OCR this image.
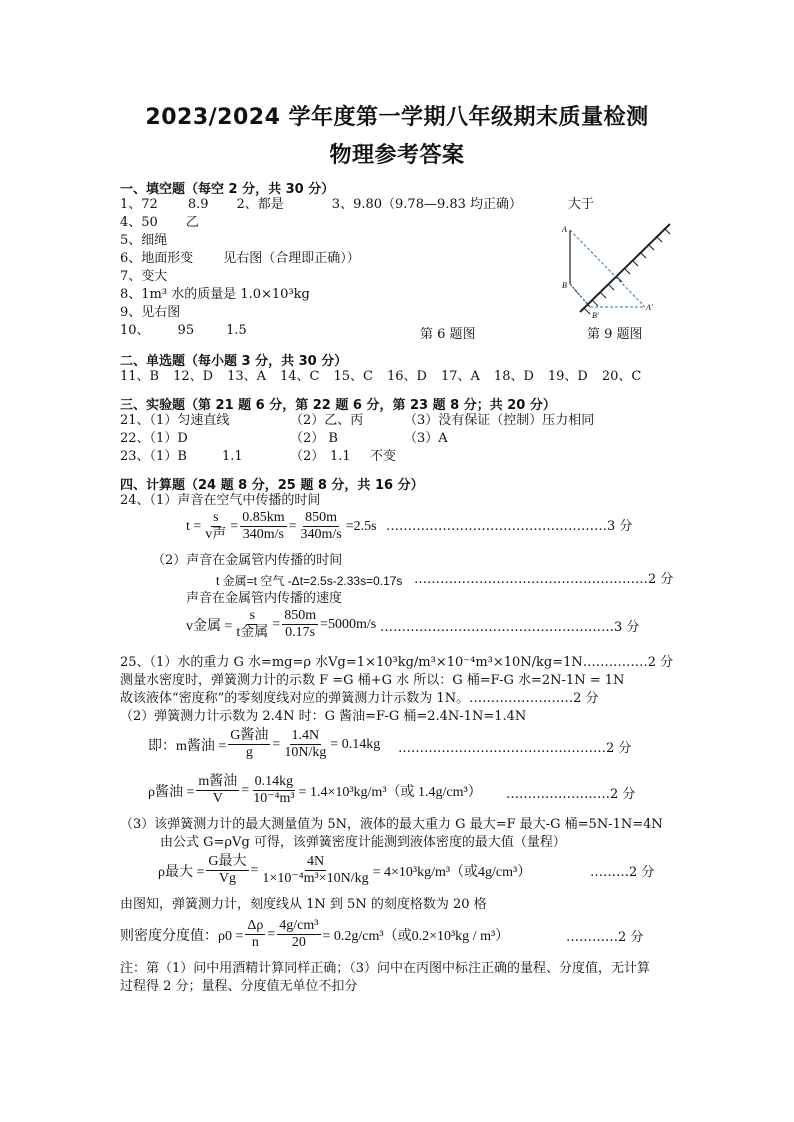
2023/2024 学年度第一学期八年级期末质量检测
物理参考答案
一、填空题（每空 2 分，共 30 分）
1、72 8.9 2、都是	3、9.80（9.78—9.83 均正确）	大于
4、50 乙
5、细绳
6、地面形变 见右图（合理即正确））
7、变大
8、1m³ 水的质量是 1.0×10³kg
9、见右图
10、 95 1.5
A
B
B'
A'
第 6 题图	第 9 题图
二、单选题（每小题 3 分，共 30 分）
11、B 12、D 13、A 14、C 15、C 16、D 17、A 18、D 19、D 20、C
三、实验题（第 21 题 6 分，第 22 题 6 分，第 23 题 8 分；共 20 分）
21、（1）匀速直线	（2）乙、丙	（3）没有保证（控制）压力相同
22、（1）D	（2） B	（3）A
23、（1）B	1.1	（2） 1.1 不变
四、计算题（24 题 8 分，25 题 8 分，共 16 分）
24、（1）声音在空气中传播的时间
$t = \frac{s}{\text{v声}} = \frac{0.85km}{340m/s} = \frac{850m}{340m/s} =2.5s$ ……………………………………………3 分
（2）声音在金属管内传播的时间
t 金属=t 空气 -Δt=2.5s-2.33s=0.17s ………………………………………………2 分
声音在金属管内传播的速度
v金属 = $\frac{s}{\text{t金属}} = \frac{850m}{0.17s} =5000m/s$ ………………………………………………3 分
25、（1）水的重力 G 水=mg=ρ 水Vg=1×10³kg/m³×10⁻⁴m³×10N/kg=1N……………2 分
测量水密度时，弹簧测力计的示数 F =G 桶+G 水 所以：G 桶=F-G 水=2N-1N = 1N
故该液体“密度称”的零刻度线对应的弹簧测力计示数为 1N。……………………2 分
（2）弹簧测力计示数为 2.4N 时：G 酱油=F-G 桶=2.4N-1N=1.4N
即：m酱油 = $\frac{\text{G酱油}}{g} = \frac{1.4N}{10N/kg} = 0.14kg$ …………………………………………2 分
ρ酱油 = $\frac{\text{m酱油}}{V} = \frac{0.14kg}{\text{10⁻⁴m³}} = 1.4\times 10^3kg/m^3$（或 1.4g/cm³） ……………………2 分
（3）该弹簧测力计的最大测量值为 5N，液体的最大重力 G 最大=F 最大-G 桶=5N-1N=4N
由公式 G=ρVg 可得，该弹簧密度计能测到液体密度的最大值（量程）
ρ最大 = $\frac{\text{G最大}}{Vg} = \frac{4N}{\text{1×10⁻⁴m³×10N/kg}} = 4\times 10^3kg/m^3$（或4g/cm³）	………2 分
由图知，弹簧测力计，刻度线从 1N 到 5N 的刻度格数为 20 格
则密度分度值：$\rho 0 = \frac{\Delta\rho}{n} = \frac{\text{4g/cm³}}{20} = 0.2g/cm^3$（或0.2×10³kg / m³）	…………2 分
注：第（1）问中用酒精计算同样正确；（3）问中在丙图中标注正确的量程、分度值，无计算
过程得 2 分；量程、分度值无单位不扣分
